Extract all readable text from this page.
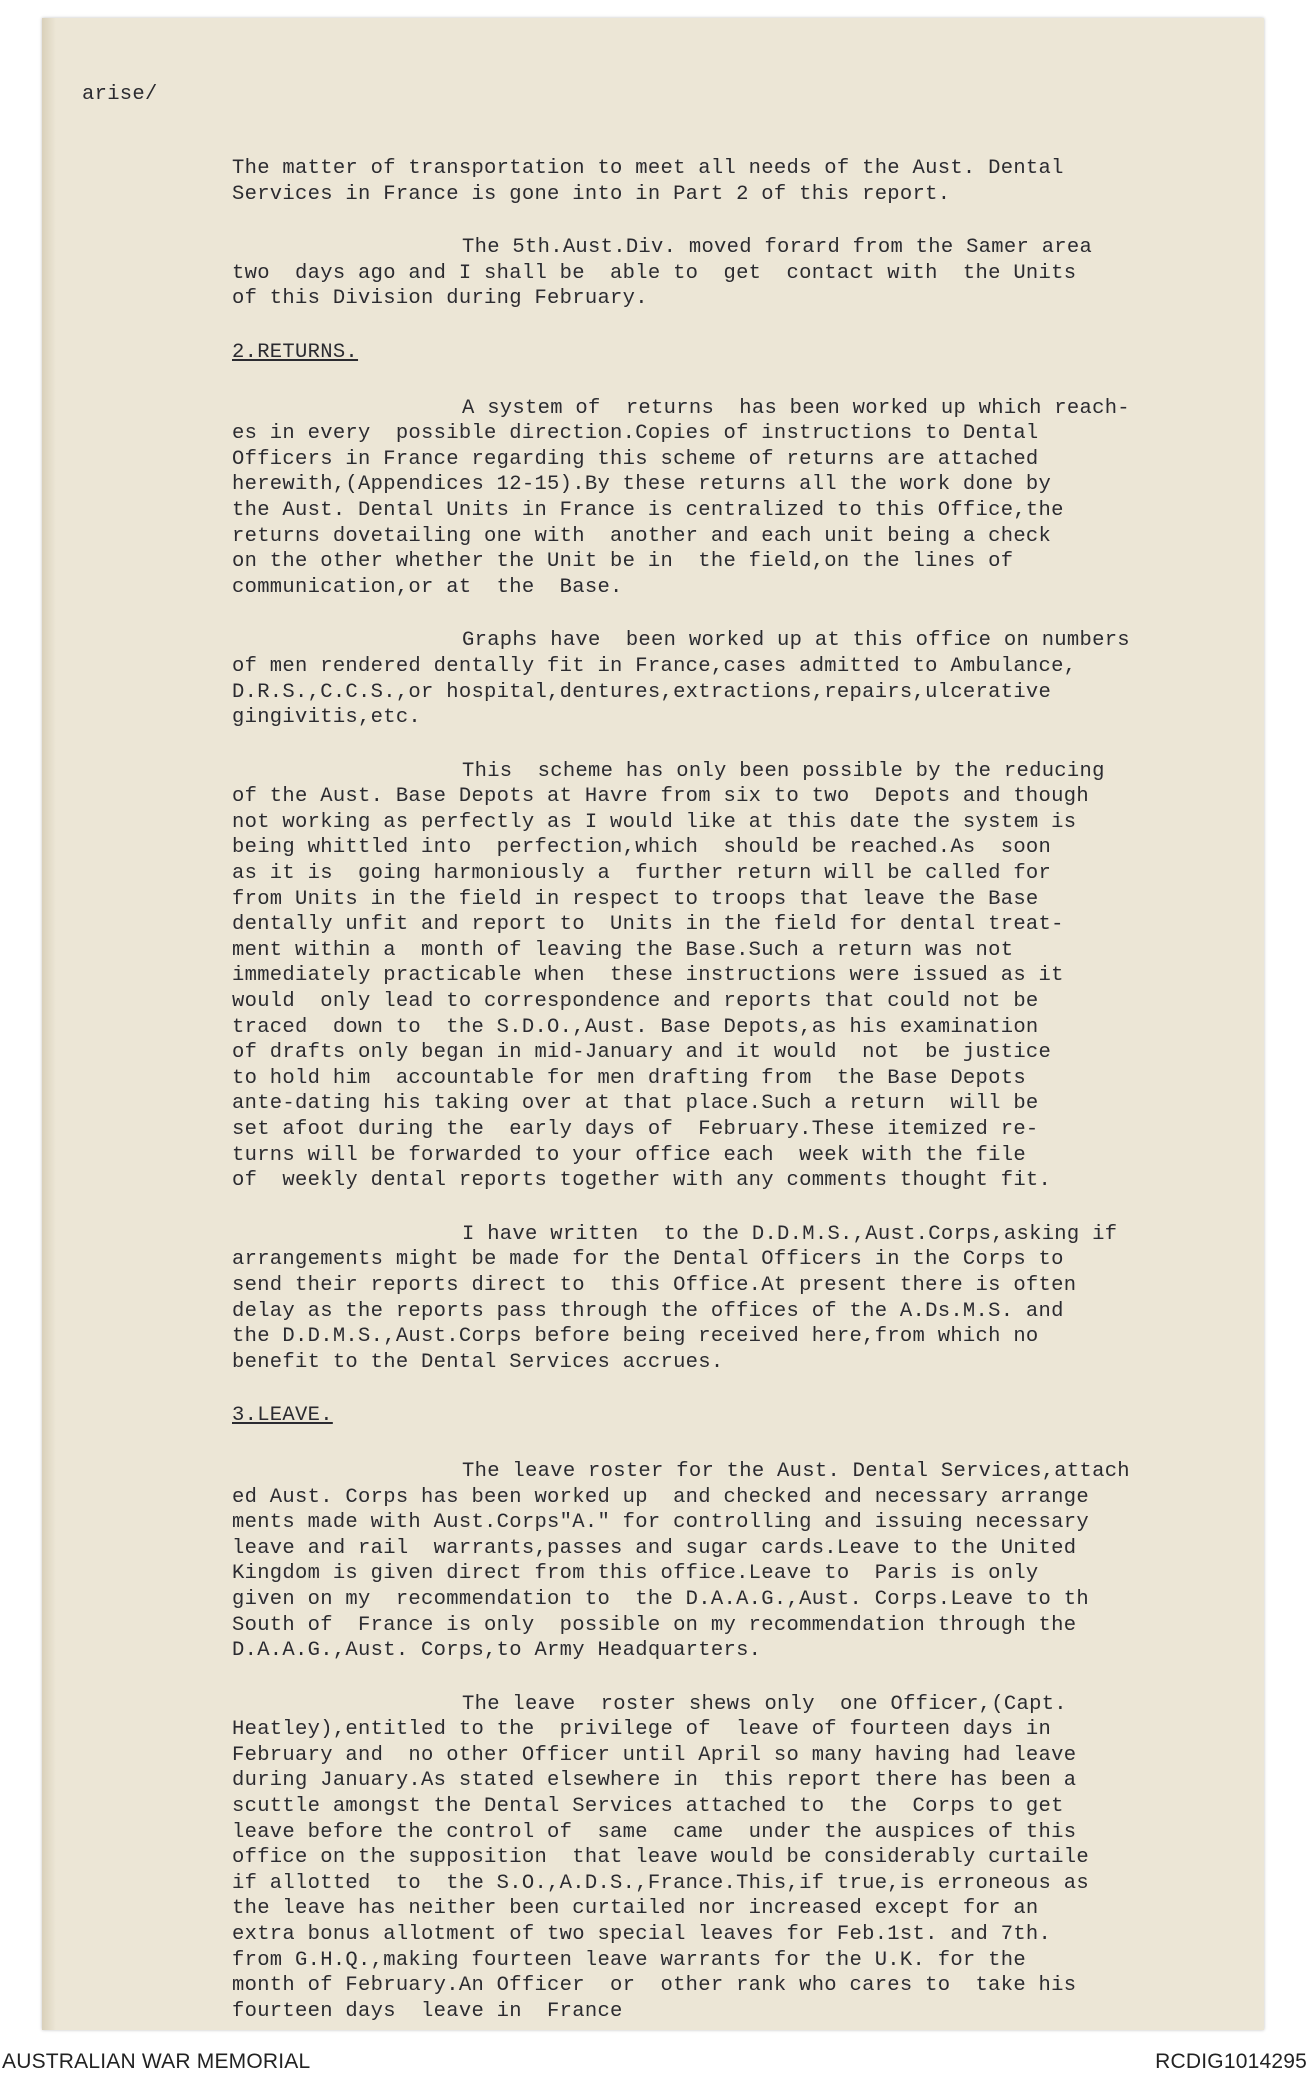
arise/
The matter of transportation to meet all needs of the Aust. Dental
Services in France is gone into in Part 2 of this report.
The 5th.Aust.Div. moved forard from the Samer area
two  days ago and I shall be  able to  get  contact with  the Units
of this Division during February.
2.RETURNS.
A system of  returns  has been worked up which reach-
es in every  possible direction.Copies of instructions to Dental
Officers in France regarding this scheme of returns are attached
herewith,(Appendices 12-15).By these returns all the work done by
the Aust. Dental Units in France is centralized to this Office,the
returns dovetailing one with  another and each unit being a check
on the other whether the Unit be in  the field,on the lines of
communication,or at  the  Base.
Graphs have  been worked up at this office on numbers
of men rendered dentally fit in France,cases admitted to Ambulance,
D.R.S.,C.C.S.,or hospital,dentures,extractions,repairs,ulcerative
gingivitis,etc.
This  scheme has only been possible by the reducing
of the Aust. Base Depots at Havre from six to two  Depots and though
not working as perfectly as I would like at this date the system is
being whittled into  perfection,which  should be reached.As  soon
as it is  going harmoniously a  further return will be called for
from Units in the field in respect to troops that leave the Base
dentally unfit and report to  Units in the field for dental treat-
ment within a  month of leaving the Base.Such a return was not
immediately practicable when  these instructions were issued as it
would  only lead to correspondence and reports that could not be
traced  down to  the S.D.O.,Aust. Base Depots,as his examination
of drafts only began in mid-January and it would  not  be justice
to hold him  accountable for men drafting from  the Base Depots
ante-dating his taking over at that place.Such a return  will be
set afoot during the  early days of  February.These itemized re-
turns will be forwarded to your office each  week with the file
of  weekly dental reports together with any comments thought fit.
I have written  to the D.D.M.S.,Aust.Corps,asking if
arrangements might be made for the Dental Officers in the Corps to
send their reports direct to  this Office.At present there is often
delay as the reports pass through the offices of the A.Ds.M.S. and
the D.D.M.S.,Aust.Corps before being received here,from which no
benefit to the Dental Services accrues.
3.LEAVE.
The leave roster for the Aust. Dental Services,attach
ed Aust. Corps has been worked up  and checked and necessary arrange
ments made with Aust.Corps"A." for controlling and issuing necessary
leave and rail  warrants,passes and sugar cards.Leave to the United
Kingdom is given direct from this office.Leave to  Paris is only
given on my  recommendation to  the D.A.A.G.,Aust. Corps.Leave to th
South of  France is only  possible on my recommendation through the
D.A.A.G.,Aust. Corps,to Army Headquarters.
The leave  roster shews only  one Officer,(Capt.
Heatley),entitled to the  privilege of  leave of fourteen days in
February and  no other Officer until April so many having had leave
during January.As stated elsewhere in  this report there has been a
scuttle amongst the Dental Services attached to  the  Corps to get
leave before the control of  same  came  under the auspices of this
office on the supposition  that leave would be considerably curtaile
if allotted  to  the S.O.,A.D.S.,France.This,if true,is erroneous as
the leave has neither been curtailed nor increased except for an
extra bonus allotment of two special leaves for Feb.1st. and 7th.
from G.H.Q.,making fourteen leave warrants for the U.K. for the
month of February.An Officer  or  other rank who cares to  take his
fourteen days  leave in  France
AUSTRALIAN WAR MEMORIAL	RCDIG1014295
